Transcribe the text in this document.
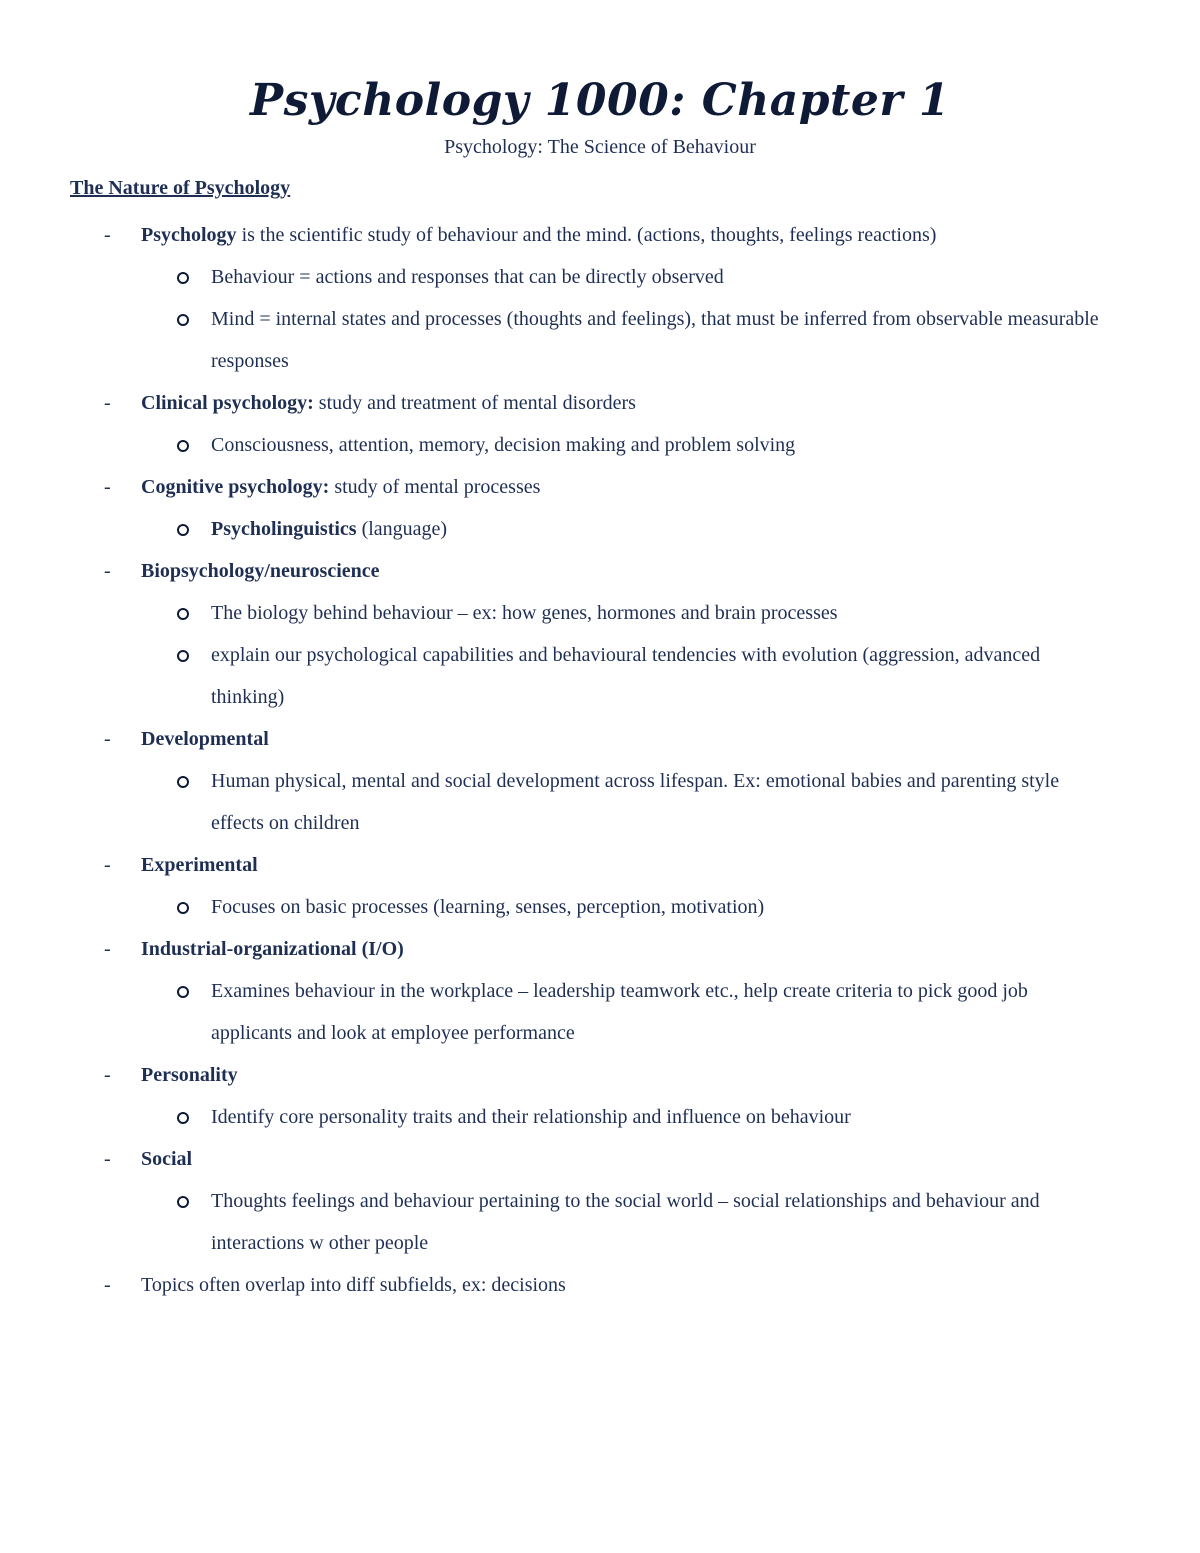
Psychology 1000: Chapter 1
Psychology: The Science of Behaviour
The Nature of Psychology
- Psychology is the scientific study of behaviour and the mind. (actions, thoughts, feelings reactions)
Behaviour = actions and responses that can be directly observed
Mind = internal states and processes (thoughts and feelings), that must be inferred from observable measurable responses
- Clinical psychology: study and treatment of mental disorders
Consciousness, attention, memory, decision making and problem solving
- Cognitive psychology: study of mental processes
Psycholinguistics (language)
- Biopsychology/neuroscience
The biology behind behaviour – ex: how genes, hormones and brain processes
explain our psychological capabilities and behavioural tendencies with evolution (aggression, advanced thinking)
- Developmental
Human physical, mental and social development across lifespan. Ex: emotional babies and parenting style effects on children
- Experimental
Focuses on basic processes (learning, senses, perception, motivation)
- Industrial-organizational (I/O)
Examines behaviour in the workplace – leadership teamwork etc., help create criteria to pick good job applicants and look at employee performance
- Personality
Identify core personality traits and their relationship and influence on behaviour
- Social
Thoughts feelings and behaviour pertaining to the social world – social relationships and behaviour and interactions w other people
- Topics often overlap into diff subfields, ex: decisions
